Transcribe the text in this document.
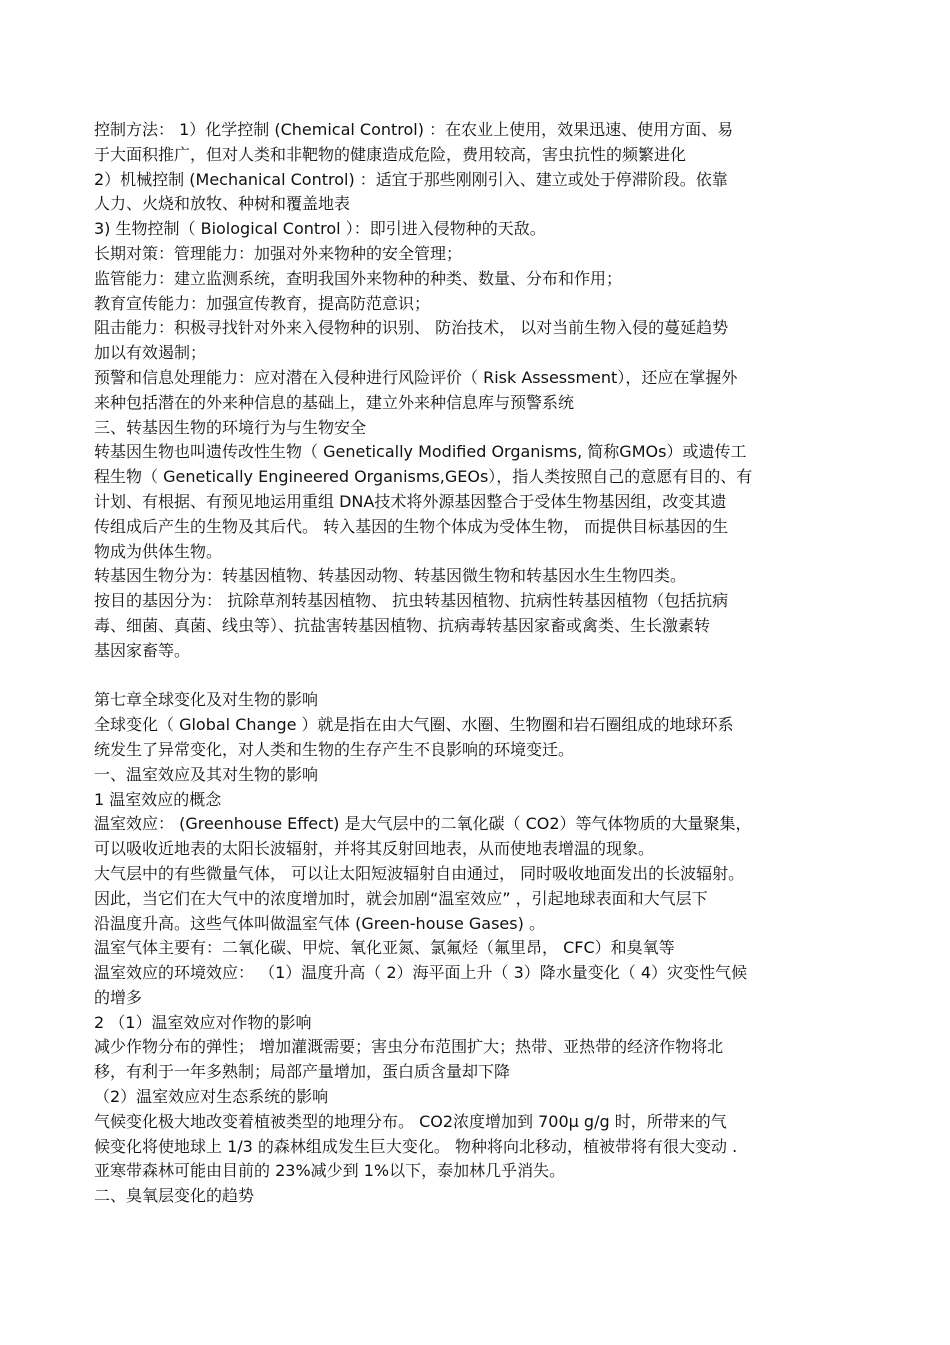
控制方法： 1）化学控制 (Chemical Control) ：在农业上使用，效果迅速、使用方面、易
于大面积推广，但对人类和非靶物的健康造成危险，费用较高，害虫抗性的频繁进化
2）机械控制 (Mechanical Control) ：适宜于那些刚刚引入、建立或处于停滞阶段。依靠
人力、火烧和放牧、种树和覆盖地表
3) 生物控制（ Biological Control ）：即引进入侵物种的天敌。
长期对策：管理能力：加强对外来物种的安全管理；
监管能力：建立监测系统，查明我国外来物种的种类、数量、分布和作用；
教育宣传能力：加强宣传教育，提高防范意识；
阻击能力：积极寻找针对外来入侵物种的识别、 防治技术， 以对当前生物入侵的蔓延趋势
加以有效遏制；
预警和信息处理能力：应对潜在入侵种进行风险评价（ Risk Assessment），还应在掌握外
来种包括潜在的外来种信息的基础上，建立外来种信息库与预警系统
三、转基因生物的环境行为与生物安全
转基因生物也叫遗传改性生物（ Genetically Modified Organisms, 简称GMOs）或遗传工
程生物（ Genetically Engineered Organisms,GEOs），指人类按照自己的意愿有目的、有
计划、有根据、有预见地运用重组 DNA技术将外源基因整合于受体生物基因组，改变其遗
传组成后产生的生物及其后代。 转入基因的生物个体成为受体生物， 而提供目标基因的生
物成为供体生物。
转基因生物分为：转基因植物、转基因动物、转基因微生物和转基因水生生物四类。
按目的基因分为： 抗除草剂转基因植物、 抗虫转基因植物、抗病性转基因植物（包括抗病
毒、细菌、真菌、线虫等）、抗盐害转基因植物、抗病毒转基因家畜或禽类、生长激素转
基因家畜等。
第七章全球变化及对生物的影响
全球变化（ Global Change ）就是指在由大气圈、水圈、生物圈和岩石圈组成的地球环系
统发生了异常变化，对人类和生物的生存产生不良影响的环境变迁。
一、温室效应及其对生物的影响
1 温室效应的概念
温室效应： (Greenhouse Effect) 是大气层中的二氧化碳（ CO2）等气体物质的大量聚集，
可以吸收近地表的太阳长波辐射，并将其反射回地表，从而使地表增温的现象。
大气层中的有些微量气体， 可以让太阳短波辐射自由通过， 同时吸收地面发出的长波辐射。
因此，当它们在大气中的浓度增加时，就会加剧“温室效应” ，引起地球表面和大气层下
沿温度升高。这些气体叫做温室气体 (Green-house Gases) 。
温室气体主要有：二氧化碳、甲烷、氧化亚氮、氯氟烃（氟里昂， CFC）和臭氧等
温室效应的环境效应： （1）温度升高（ 2）海平面上升（ 3）降水量变化（ 4）灾变性气候
的增多
2 （1）温室效应对作物的影响
减少作物分布的弹性； 增加灌溉需要；害虫分布范围扩大；热带、亚热带的经济作物将北
移，有利于一年多熟制；局部产量增加，蛋白质含量却下降
（2）温室效应对生态系统的影响
气候变化极大地改变着植被类型的地理分布。 CO2浓度增加到 700μ g/g 时，所带来的气
候变化将使地球上 1/3 的森林组成发生巨大变化。 物种将向北移动，植被带将有很大变动 .
亚寒带森林可能由目前的 23%减少到 1%以下，泰加林几乎消失。
二、臭氧层变化的趋势
